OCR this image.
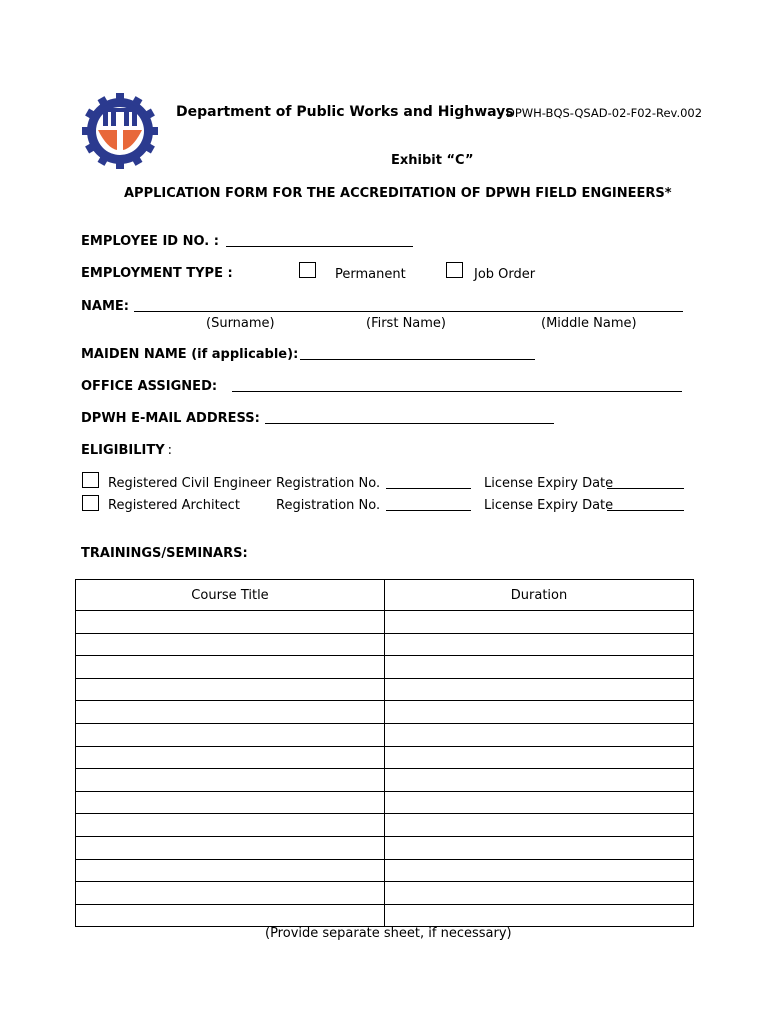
Department of Public Works and Highways
DPWH-BQS-QSAD-02-F02-Rev.002
Exhibit “C”
APPLICATION FORM FOR THE ACCREDITATION OF DPWH FIELD ENGINEERS*
EMPLOYEE ID NO. :
EMPLOYMENT TYPE :	Permanent	Job Order
NAME:
(Surname)	(First Name)	(Middle Name)
MAIDEN NAME (if applicable):
OFFICE ASSIGNED:
DPWH E-MAIL ADDRESS:
ELIGIBILITY :
Registered Civil Engineer Registration No.	License Expiry Date
Registered Architect	Registration No.	License Expiry Date
TRAININGS/SEMINARS:
Course Title	Duration

(Provide separate sheet, if necessary)
